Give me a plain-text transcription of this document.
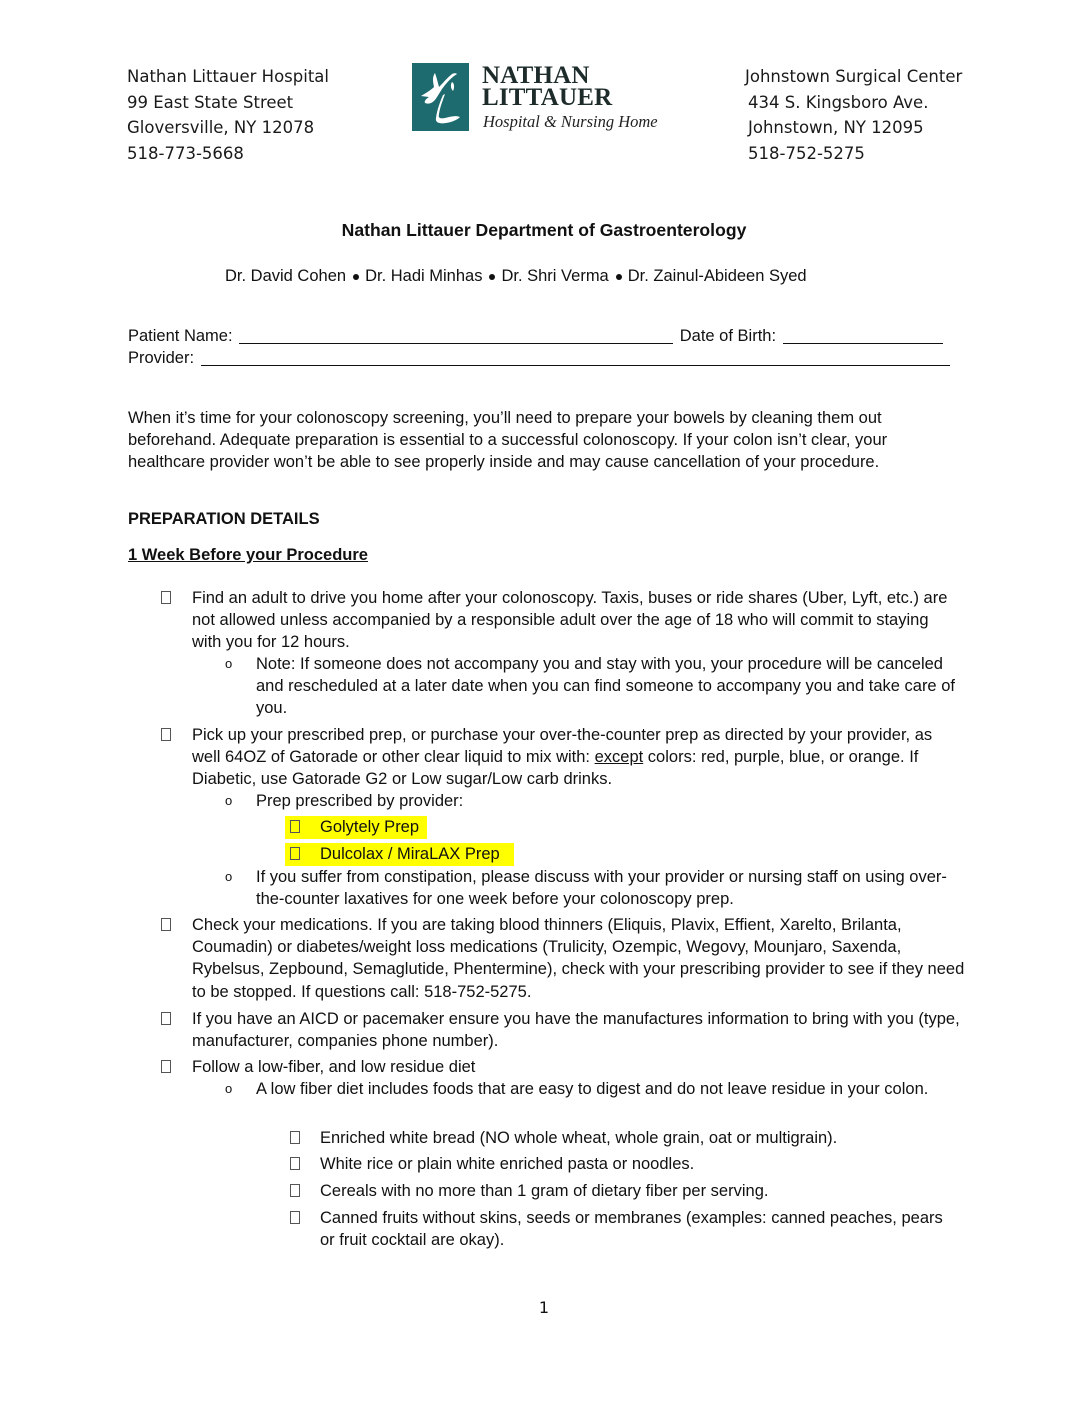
Nathan Littauer Hospital
99 East State Street
Gloversville, NY 12078
518-773-5668
NATHAN
LITTAUER
Hospital & Nursing Home
Johnstown Surgical Center
434 S. Kingsboro Ave.
Johnstown, NY 12095
518-752-5275
Nathan Littauer Department of Gastroenterology
Dr. David Cohen Dr. Hadi Minhas Dr. Shri Verma Dr. Zainul-Abideen Syed
Patient Name:	Date of Birth:
Provider:
When it’s time for your colonoscopy screening, you’ll need to prepare your bowels by cleaning them out beforehand. Adequate preparation is essential to a successful colonoscopy. If your colon isn’t clear, your healthcare provider won’t be able to see properly inside and may cause cancellation of your procedure.
PREPARATION DETAILS
1 Week Before your Procedure
Find an adult to drive you home after your colonoscopy. Taxis, buses or ride shares (Uber, Lyft, etc.) are not allowed unless accompanied by a responsible adult over the age of 18 who will commit to staying with you for 12 hours.
o Note: If someone does not accompany you and stay with you, your procedure will be canceled and rescheduled at a later date when you can find someone to accompany you and take care of you.
Pick up your prescribed prep, or purchase your over-the-counter prep as directed by your provider, as well 64OZ of Gatorade or other clear liquid to mix with: except colors: red, purple, blue, or orange. If Diabetic, use Gatorade G2 or Low sugar/Low carb drinks.
o Prep prescribed by provider:
Golytely Prep
Dulcolax / MiraLAX Prep
o If you suffer from constipation, please discuss with your provider or nursing staff on using over-the-counter laxatives for one week before your colonoscopy prep.
Check your medications. If you are taking blood thinners (Eliquis, Plavix, Effient, Xarelto, Brilanta, Coumadin) or diabetes/weight loss medications (Trulicity, Ozempic, Wegovy, Mounjaro, Saxenda, Rybelsus, Zepbound, Semaglutide, Phentermine), check with your prescribing provider to see if they need to be stopped. If questions call: 518-752-5275.
If you have an AICD or pacemaker ensure you have the manufactures information to bring with you (type, manufacturer, companies phone number).
Follow a low-fiber, and low residue diet
o A low fiber diet includes foods that are easy to digest and do not leave residue in your colon.
Enriched white bread (NO whole wheat, whole grain, oat or multigrain).
White rice or plain white enriched pasta or noodles.
Cereals with no more than 1 gram of dietary fiber per serving.
Canned fruits without skins, seeds or membranes (examples: canned peaches, pears or fruit cocktail are okay).
1
